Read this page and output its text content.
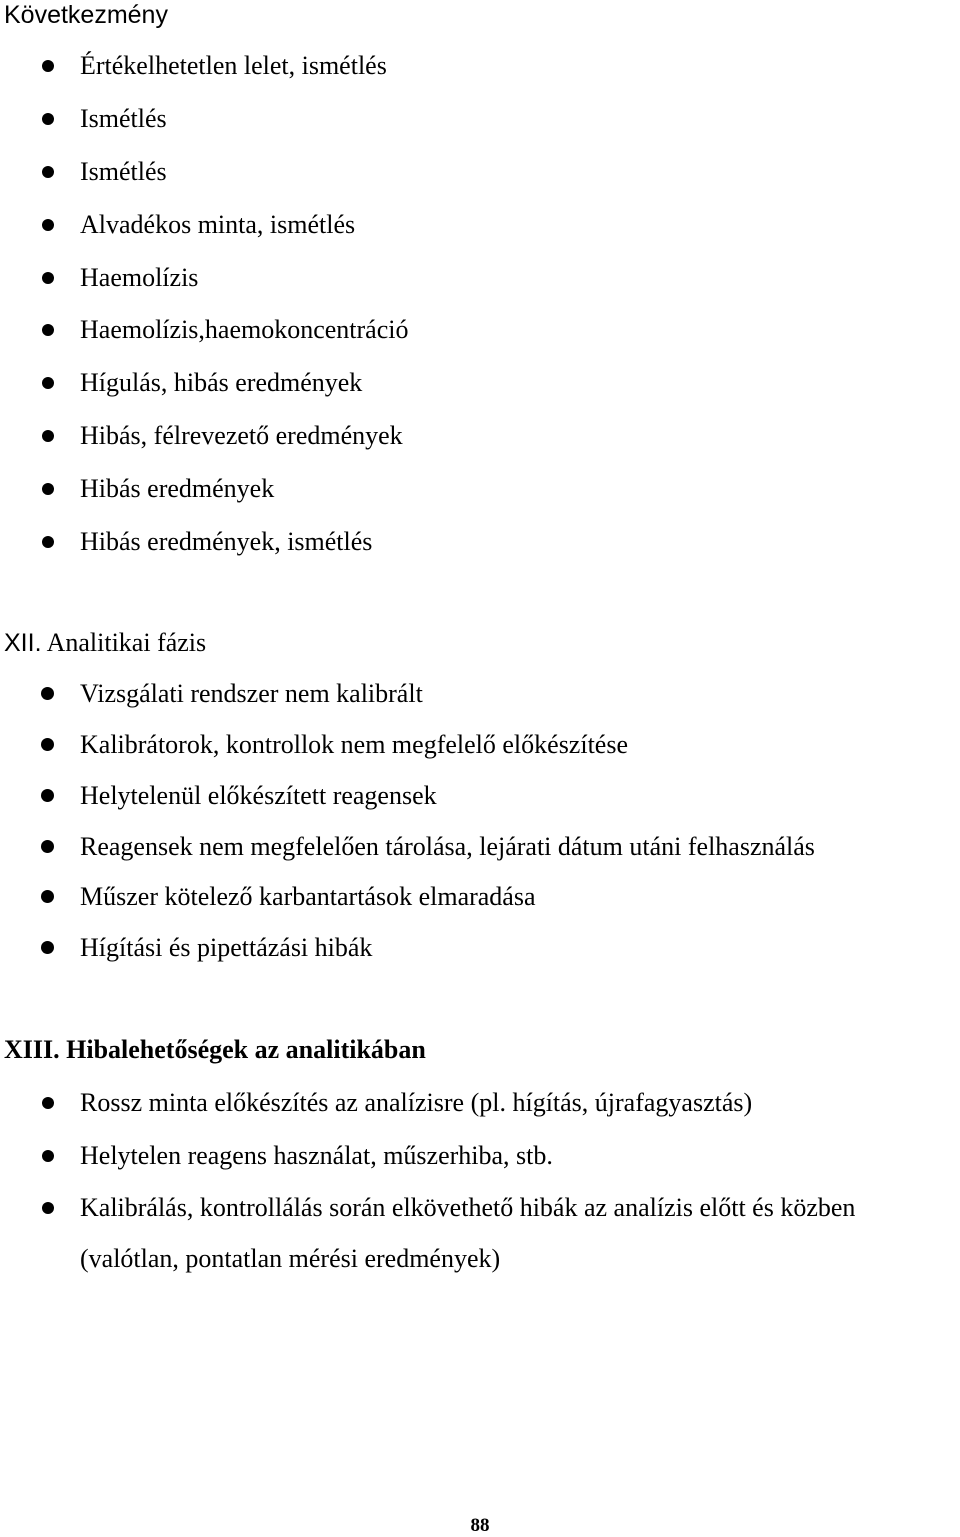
Következmény
Értékelhetetlen lelet, ismétlés
Ismétlés
Ismétlés
Alvadékos minta, ismétlés
Haemolízis
Haemolízis,haemokoncentráció
Hígulás, hibás eredmények
Hibás, félrevezető eredmények
Hibás eredmények
Hibás eredmények, ismétlés
XII. Analitikai fázis
Vizsgálati rendszer nem kalibrált
Kalibrátorok, kontrollok nem megfelelő előkészítése
Helytelenül előkészített reagensek
Reagensek nem megfelelően tárolása, lejárati dátum utáni felhasználás
Műszer kötelező karbantartások elmaradása
Hígítási és pipettázási hibák
XIII. Hibalehetőségek az analitikában
Rossz minta előkészítés az analízisre (pl. hígítás, újrafagyasztás)
Helytelen reagens használat, műszerhiba, stb.
Kalibrálás, kontrollálás során elkövethető hibák az analízis előtt és közben
(valótlan, pontatlan mérési eredmények)
88
